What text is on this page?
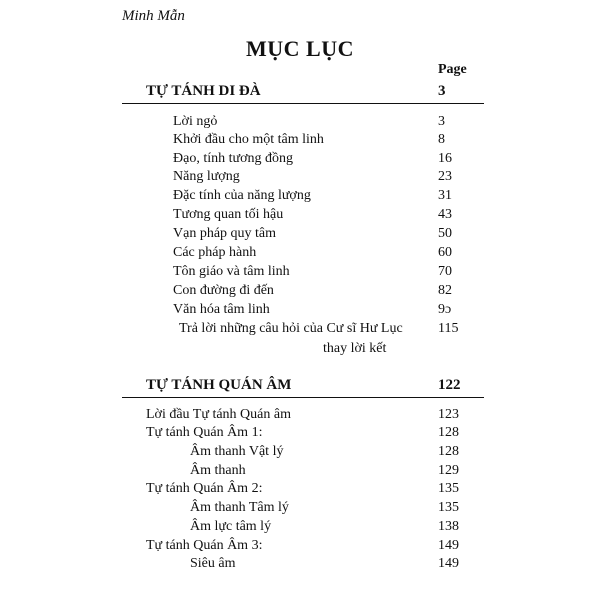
Minh Mẫn
MỤC LỤC
Page
TỰ TÁNH DI ĐÀ	3
Lời ngỏ	3
Khởi đầu cho một tâm linh	8
Đạo, tính tương đồng	16
Năng lượng	23
Đặc tính của năng lượng	31
Tương quan tối hậu	43
Vạn pháp quy tâm	50
Các pháp hành	60
Tôn giáo và tâm linh	70
Con đường đi đến	82
Văn hóa tâm linh	9ɔ
Trả lời những câu hỏi của Cư sĩ Hư Lục	115
thay lời kết
TỰ TÁNH QUÁN ÂM	122
Lời đầu Tự tánh Quán âm	123
Tự tánh Quán Âm 1:	128
Âm thanh Vật lý	128
Âm thanh	129
Tự tánh Quán Âm 2:	135
Âm thanh Tâm lý	135
Âm lực tâm lý	138
Tự tánh Quán Âm 3:	149
Siêu âm	149
